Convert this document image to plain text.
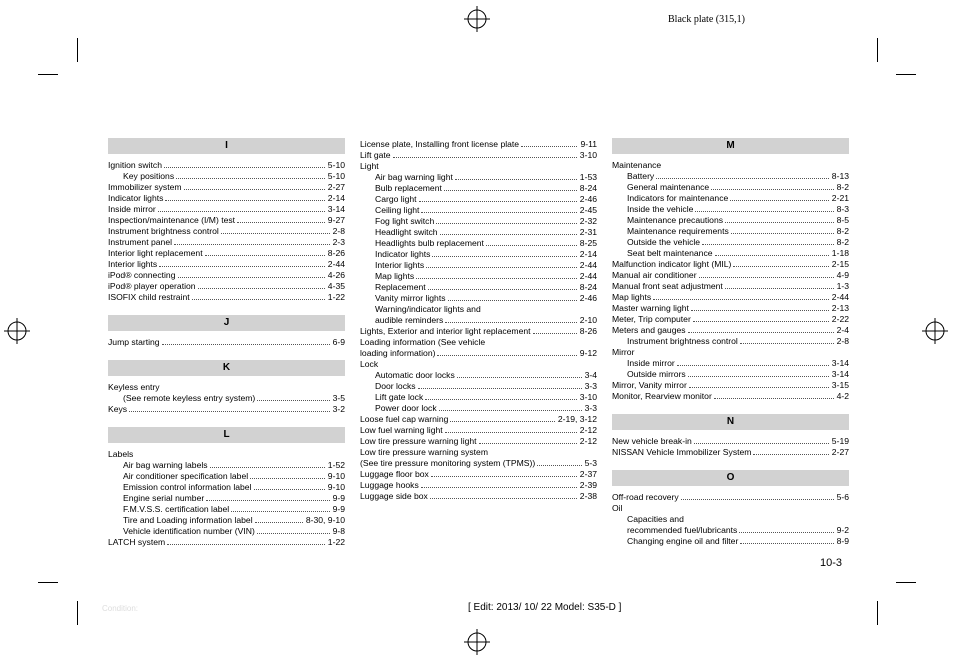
Black plate (315,1)
I
Ignition switch	5-10
Key positions	5-10
Immobilizer system	2-27
Indicator lights	2-14
Inside mirror	3-14
Inspection/maintenance (I/M) test	9-27
Instrument brightness control	2-8
Instrument panel	2-3
Interior light replacement	8-26
Interior lights	2-44
iPod® connecting	4-26
iPod® player operation	4-35
ISOFIX child restraint	1-22
J
Jump starting	6-9
K
Keyless entry
(See remote keyless entry system)	3-5
Keys	3-2
L
Labels
Air bag warning labels	1-52
Air conditioner specification label	9-10
Emission control information label	9-10
Engine serial number	9-9
F.M.V.S.S. certification label	9-9
Tire and Loading information label	8-30, 9-10
Vehicle identification number (VIN)	9-8
LATCH system	1-22
License plate, Installing front license plate	9-11
Lift gate	3-10
Light
Air bag warning light	1-53
Bulb replacement	8-24
Cargo light	2-46
Ceiling light	2-45
Fog light switch	2-32
Headlight switch	2-31
Headlights bulb replacement	8-25
Indicator lights	2-14
Interior lights	2-44
Map lights	2-44
Replacement	8-24
Vanity mirror lights	2-46
Warning/indicator lights and
audible reminders	2-10
Lights, Exterior and interior light replacement	8-26
Loading information (See vehicle
loading information)	9-12
Lock
Automatic door locks	3-4
Door locks	3-3
Lift gate lock	3-10
Power door lock	3-3
Loose fuel cap warning	2-19, 3-12
Low fuel warning light	2-12
Low tire pressure warning light	2-12
Low tire pressure warning system
(See tire pressure monitoring system (TPMS))	5-3
Luggage floor box	2-37
Luggage hooks	2-39
Luggage side box	2-38
M
Maintenance
Battery	8-13
General maintenance	8-2
Indicators for maintenance	2-21
Inside the vehicle	8-3
Maintenance precautions	8-5
Maintenance requirements	8-2
Outside the vehicle	8-2
Seat belt maintenance	1-18
Malfunction indicator light (MIL)	2-15
Manual air conditioner	4-9
Manual front seat adjustment	1-3
Map lights	2-44
Master warning light	2-13
Meter, Trip computer	2-22
Meters and gauges	2-4
Instrument brightness control	2-8
Mirror
Inside mirror	3-14
Outside mirrors	3-14
Mirror, Vanity mirror	3-15
Monitor, Rearview monitor	4-2
N
New vehicle break-in	5-19
NISSAN Vehicle Immobilizer System	2-27
O
Off-road recovery	5-6
Oil
Capacities and
recommended fuel/lubricants	9-2
Changing engine oil and filter	8-9
10-3
Condition:	[ Edit: 2013/ 10/ 22 Model: S35-D ]
